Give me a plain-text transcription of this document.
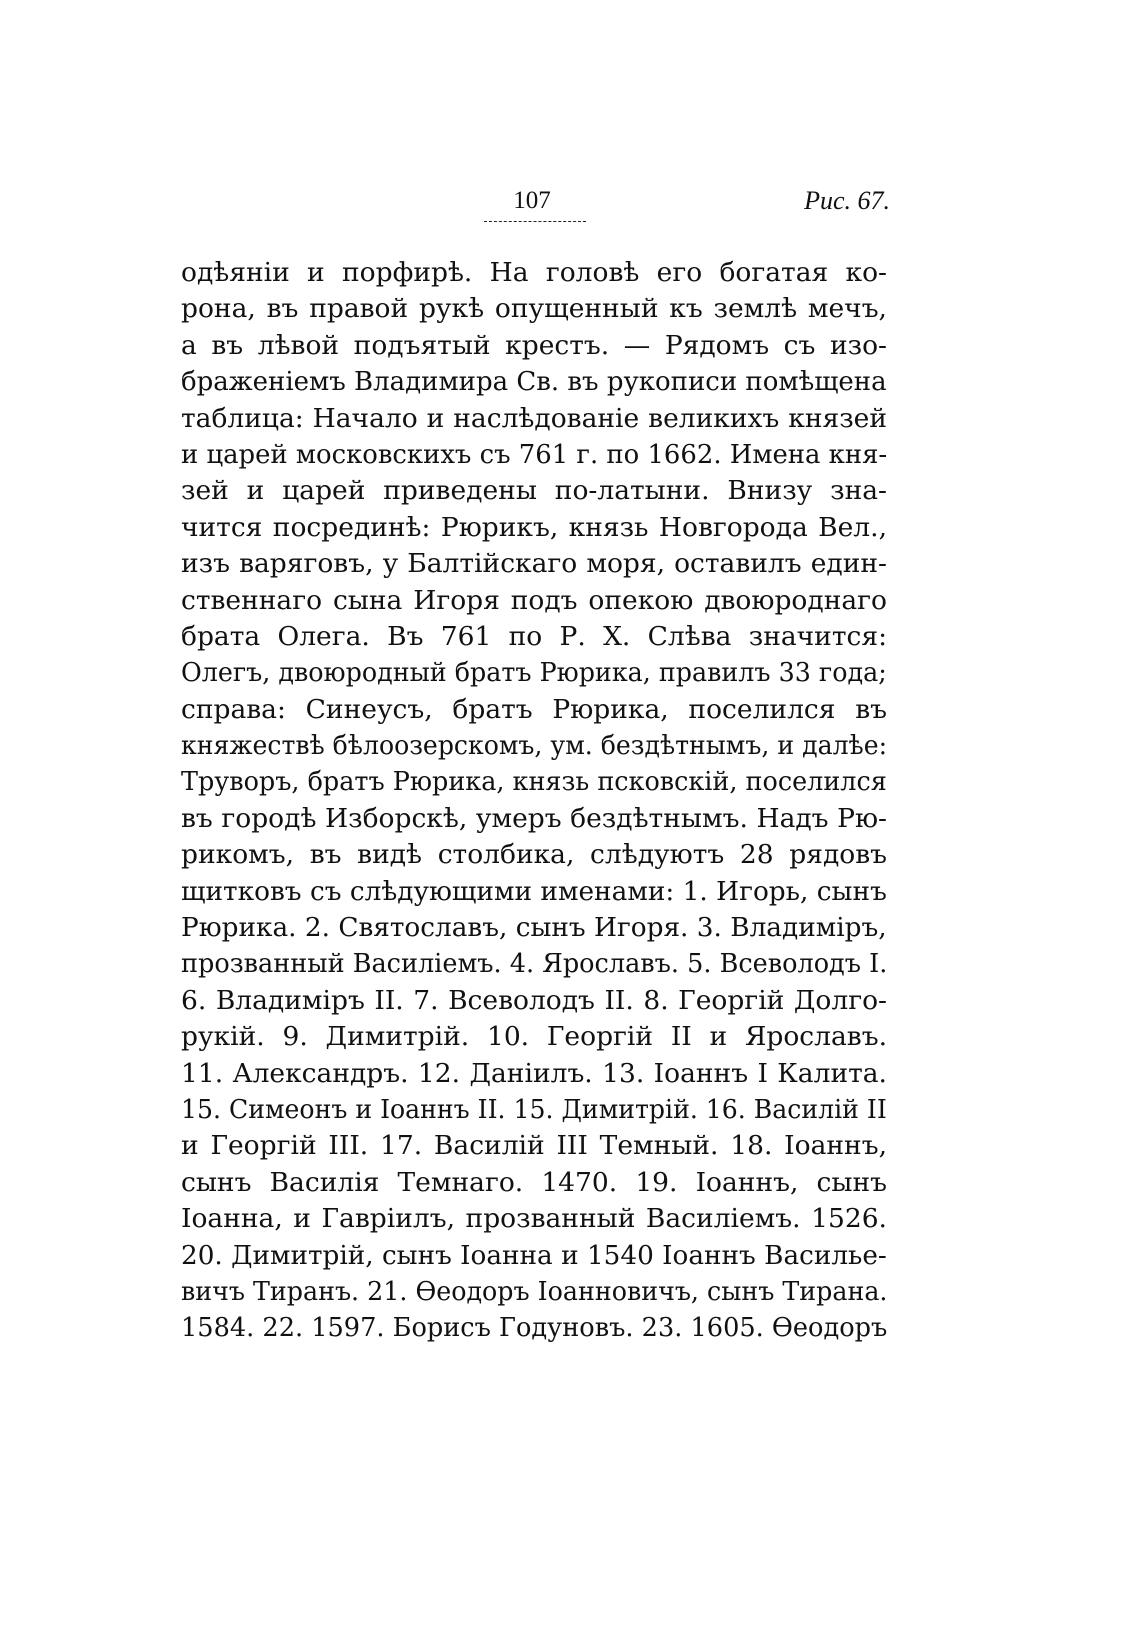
107	Рис. 67.
одѣяніи и порфирѣ. На головѣ его богатая ко-
рона, въ правой рукѣ опущенный къ землѣ мечъ,
а въ лѣвой подъятый крестъ. — Рядомъ съ изо-
браженіемъ Владимира Св. въ рукописи помѣщена
таблица: Начало и наслѣдованіе великихъ князей
и царей московскихъ съ 761 г. по 1662. Имена кня-
зей и царей приведены по-латыни. Внизу зна-
чится посрединѣ: Рюрикъ, князь Новгорода Вел.,
изъ варяговъ, у Балтійскаго моря, оставилъ един-
ственнаго сына Игоря подъ опекою двоюроднаго
брата Олега. Въ 761 по Р. Х. Слѣва значится:
Олегъ, двоюродный братъ Рюрика, правилъ 33 года;
справа: Синеусъ, братъ Рюрика, поселился въ
княжествѣ бѣлоозерскомъ, ум. бездѣтнымъ, и далѣе:
Труворъ, братъ Рюрика, князь псковскій, поселился
въ городѣ Изборскѣ, умеръ бездѣтнымъ. Надъ Рю-
рикомъ, въ видѣ столбика, слѣдуютъ 28 рядовъ
щитковъ съ слѣдующими именами: 1. Игорь, сынъ
Рюрика. 2. Святославъ, сынъ Игоря. 3. Владиміръ,
прозванный Василіемъ. 4. Ярославъ. 5. Всеволодъ I.
6. Владиміръ II. 7. Всеволодъ II. 8. Георгій Долго-
рукій. 9. Димитрій. 10. Георгій II и Ярославъ.
11. Александръ. 12. Даніилъ. 13. Іоаннъ I Калита.
15. Симеонъ и Іоаннъ II. 15. Димитрій. 16. Василій II
и Георгій III. 17. Василій III Темный. 18. Іоаннъ,
сынъ Василія Темнаго. 1470. 19. Іоаннъ, сынъ
Іоанна, и Гавріилъ, прозванный Василіемъ. 1526.
20. Димитрій, сынъ Іоанна и 1540 Іоаннъ Васильe-
вичъ Тиранъ. 21. Ѳеодоръ Іоанновичъ, сынъ Тирана.
1584. 22. 1597. Борисъ Годуновъ. 23. 1605. Ѳеодоръ
